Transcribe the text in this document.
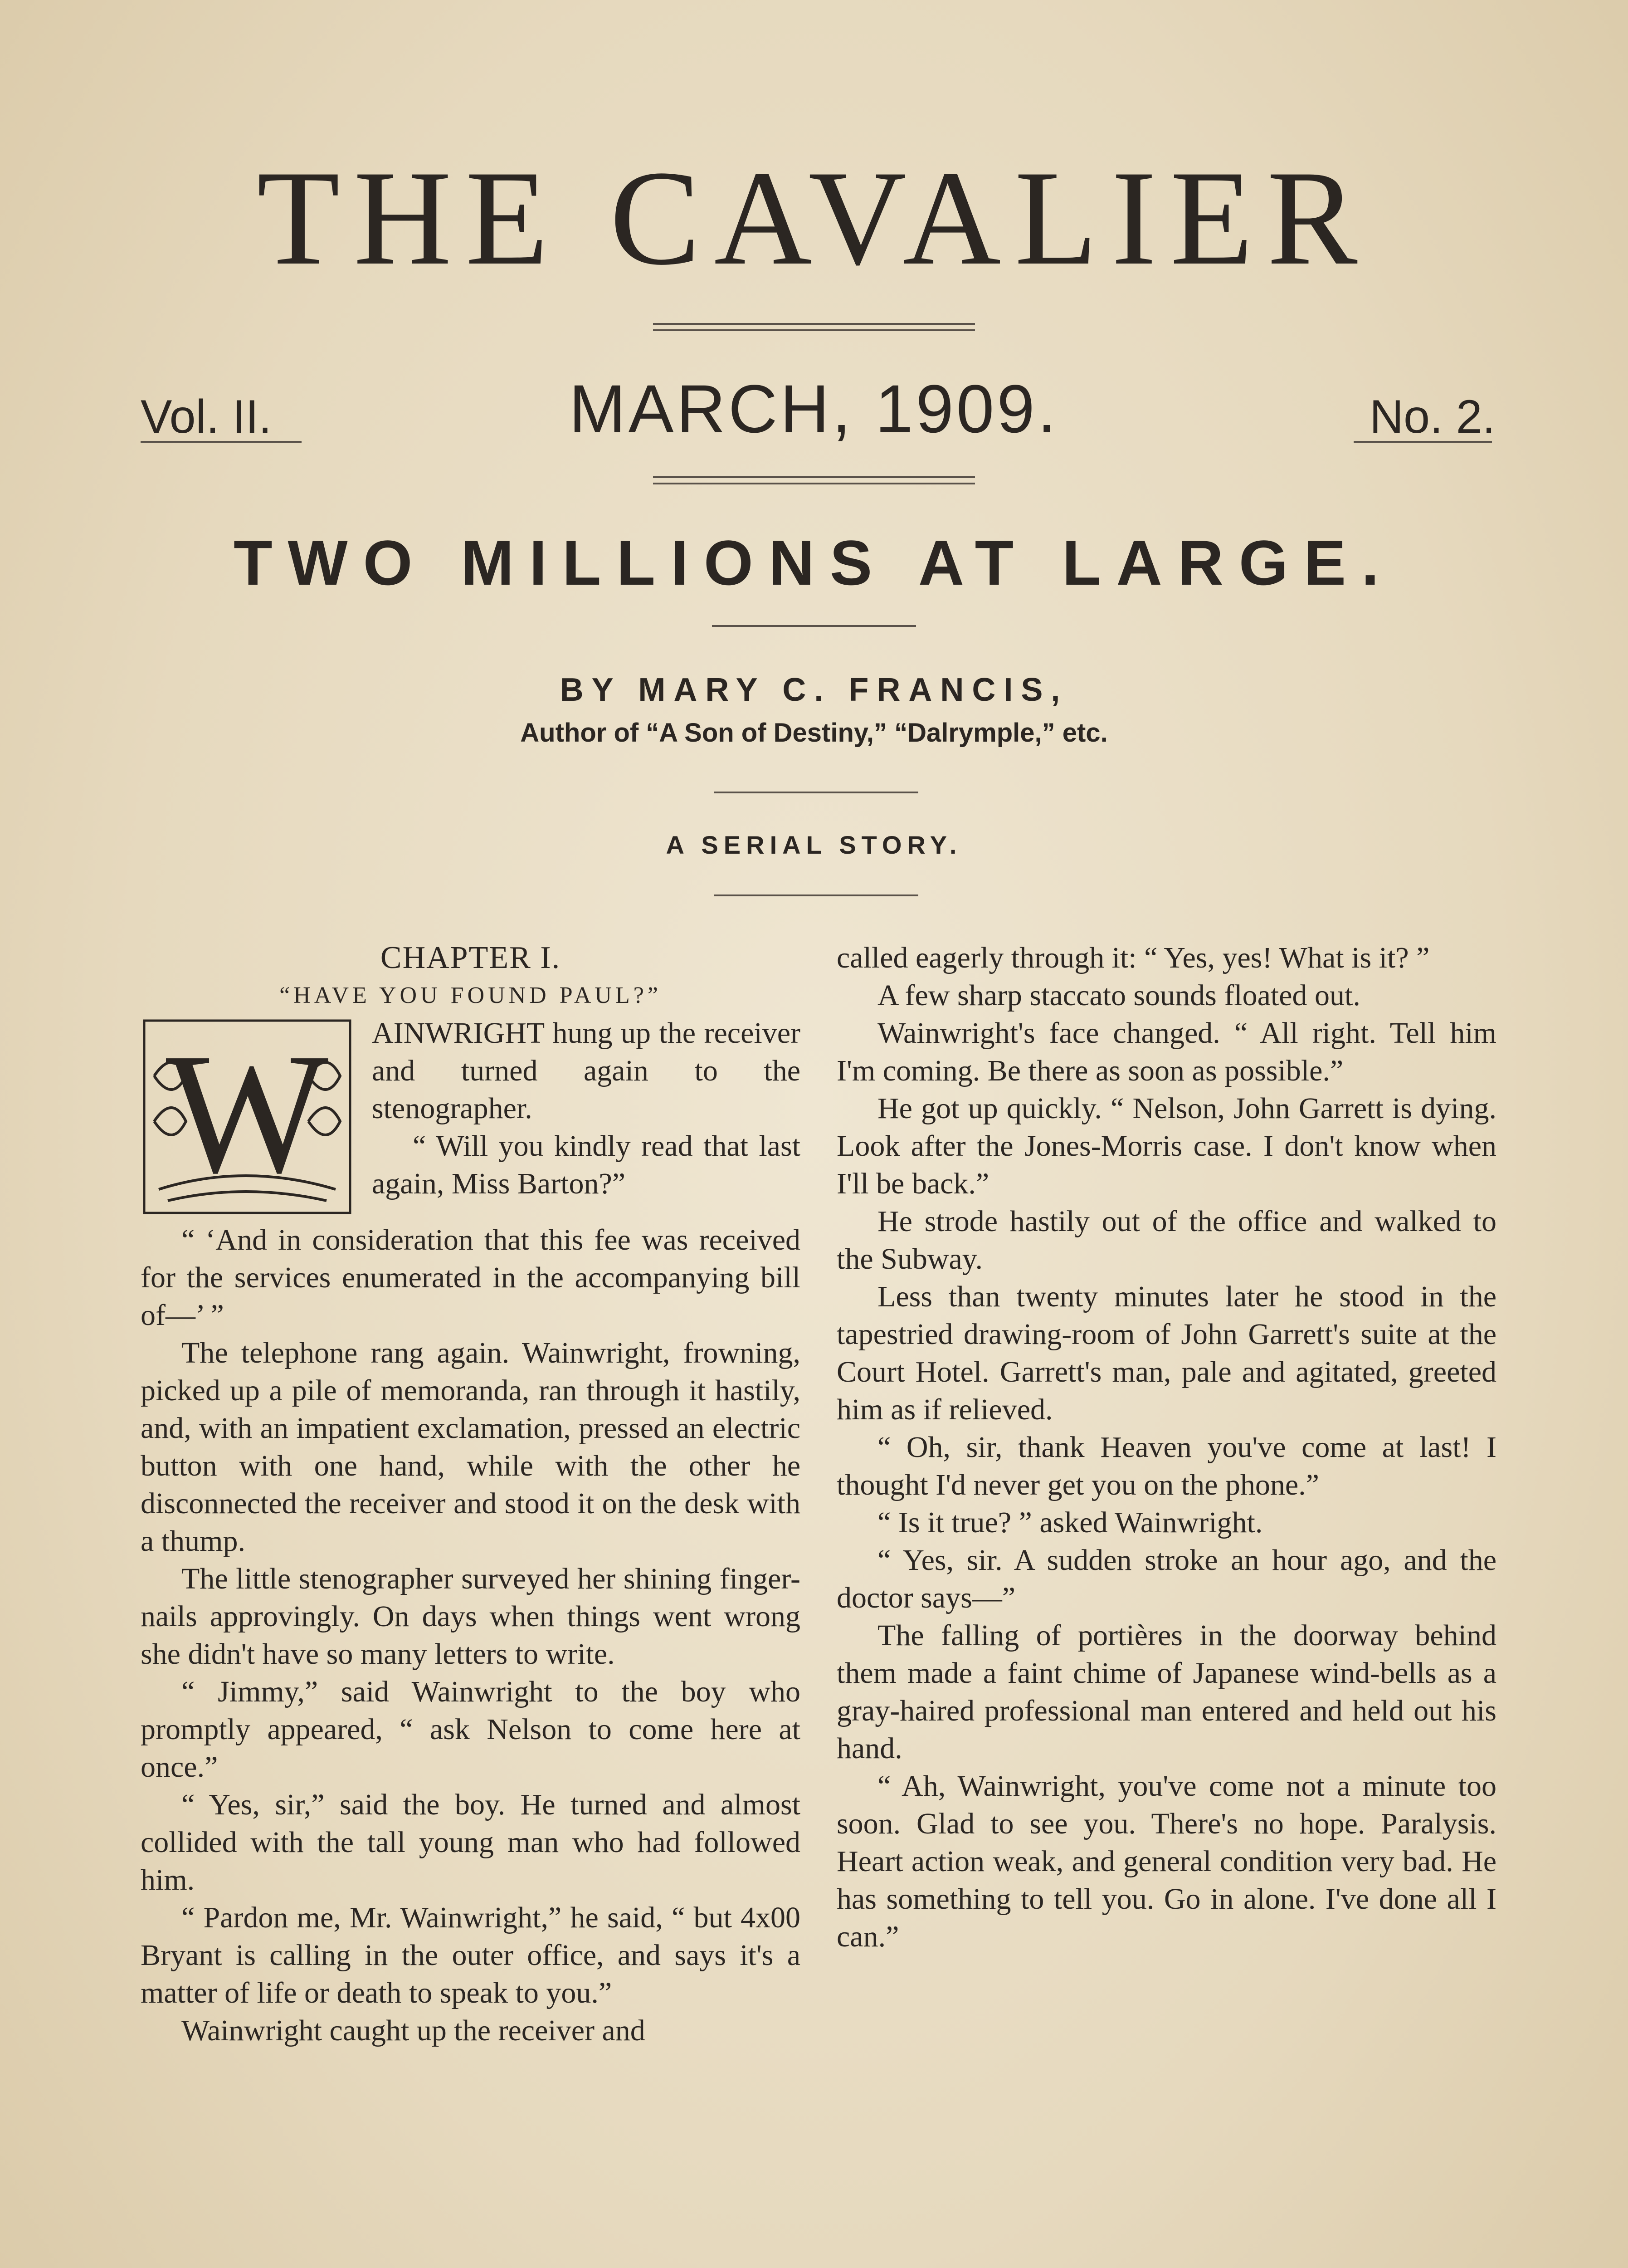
THE CAVALIER
Vol. II.	MARCH, 1909.	No. 2.
TWO MILLIONS AT LARGE.
BY MARY C. FRANCIS,
Author of “A Son of Destiny,” “Dalrymple,” etc.
A SERIAL STORY.

CHAPTER I.

“HAVE YOU FOUND PAUL?”

W	AINWRIGHT hung up the receiver and turned again to the stenographer.

“ Will you kindly read that last again, Miss Barton?”

“ ‘And in consideration that this fee was received for the services enumerated in the accompanying bill of—’ ”

The telephone rang again. Wainwright, frowning, picked up a pile of memoranda, ran through it hastily, and, with an impatient exclamation, pressed an electric button with one hand, while with the other he disconnected the receiver and stood it on the desk with a thump.

The little stenographer surveyed her shining finger-nails approvingly. On days when things went wrong she didn't have so many letters to write.

“ Jimmy,” said Wainwright to the boy who promptly appeared, “ ask Nelson to come here at once.”

“ Yes, sir,” said the boy. He turned and almost collided with the tall young man who had followed him.

“ Pardon me, Mr. Wainwright,” he said, “ but 4x00 Bryant is calling in the outer office, and says it's a matter of life or death to speak to you.”

Wainwright caught up the receiver and

called eagerly through it: “ Yes, yes! What is it? ”

A few sharp staccato sounds floated out.

Wainwright's face changed. “ All right. Tell him I'm coming. Be there as soon as possible.”

He got up quickly. “ Nelson, John Garrett is dying. Look after the Jones-Morris case. I don't know when I'll be back.”

He strode hastily out of the office and walked to the Subway.

Less than twenty minutes later he stood in the tapestried drawing-room of John Garrett's suite at the Court Hotel. Garrett's man, pale and agitated, greeted him as if relieved.

“ Oh, sir, thank Heaven you've come at last! I thought I'd never get you on the phone.”

“ Is it true? ” asked Wainwright.

“ Yes, sir. A sudden stroke an hour ago, and the doctor says—”

The falling of portières in the doorway behind them made a faint chime of Japanese wind-bells as a gray-haired professional man entered and held out his hand.

“ Ah, Wainwright, you've come not a minute too soon. Glad to see you. There's no hope. Paralysis. Heart action weak, and general condition very bad. He has something to tell you. Go in alone. I've done all I can.”
